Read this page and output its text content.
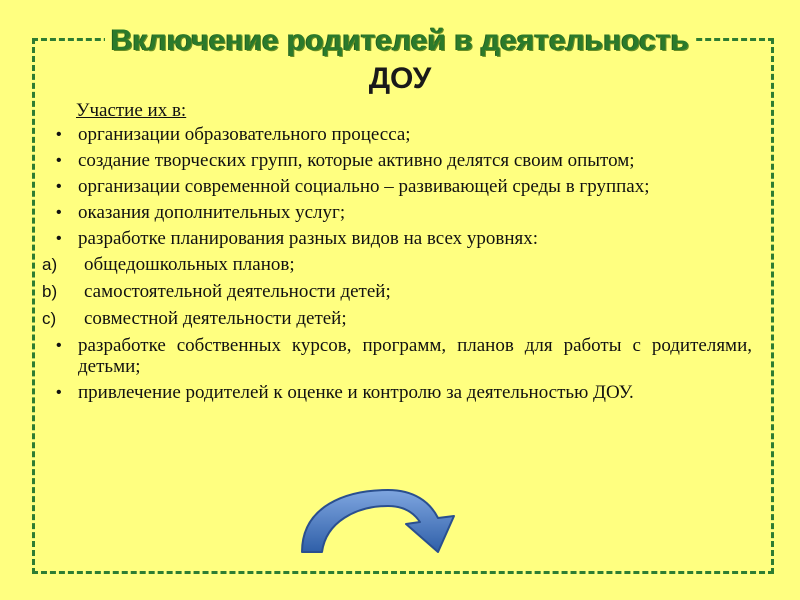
Включение родителей в деятельность
ДОУ
Участие их в:
• организации образовательного процесса;
• создание творческих групп, которые активно делятся своим опытом;
• организации современной социально – развивающей среды в группах;
• оказания дополнительных услуг;
• разработке планирования разных видов на всех уровнях:
a) общедошкольных планов;
b) самостоятельной деятельности детей;
c) совместной деятельности детей;
• разработке собственных курсов, программ, планов для работы с родителями, детьми;
• привлечение родителей к оценке и контролю за деятельностью ДОУ.
